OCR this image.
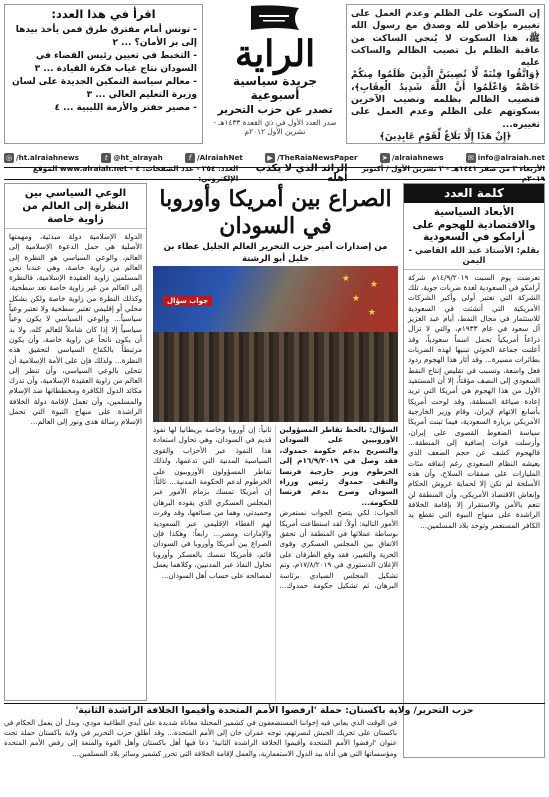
إن السكوت على الظلم وعدم العمل على تغييره بإخلاص لله وصدق مع رسول الله ﷺ، هذا السكوت لا يُنجي الساكت من عاقبة الظلم بل تصيب الظالم والساكت عليه
﴿وَاتَّقُوا فِتْنَةً لَّا تُصِيبَنَّ الَّذِينَ ظَلَمُوا مِنكُمْ خَاصَّةً وَاعْلَمُوا أَنَّ اللَّهَ شَدِيدُ الْعِقَابِ﴾، فتصيب الظالم بظلمه وتصيب الآخرين بسكوتهم على الظلم وعدم العمل على تغييره...
﴿إِنْ هَذَا إِلَّا بَلَاغٌ لِّقَوْمٍ عَابِدِينَ﴾
الراية
جريدة سياسية أسبوعية
تصدر عن حزب التحرير
صدر العدد الأول في ذي القعدة ١٤٣٣هـ - تشرين الأول ٢٠١٢م
اقرأ في هذا العدد:
- تونس أمام مفترق طرق فمن يأخذ بيدها إلى بر الأمان؟ ... ٢
- التخبط في تعيين رئيس القضاء في السودان نتاج غياب فكرة القيادة ... ٣
- معالم سياسة التمكين الجديدة على لسان وزيرة التعليم العالي ... ٣
- مصير حفتر والأزمة الليبية ... ٤
◎ /ht.alraiahnews	t @ht_alrayah	f /AlraiahNet	▶ /TheRaiaNewsPaper	➤ /alraiahnews	✉ info@alraiah.net
الأربعاء ٣ من صفر ١٤٤١هـ - ٢ تشرين الأول / أكتوبر ٢٠١٩م
الرائد الذي لا يكذب أهله
العدد: ٢٥٤ - عدد الصفحات: ٤ - www.alraiah.net الموقع الإلكتروني:
كلمة العدد
الأبعاد السياسية والاقتصادية للهجوم على أرامكو في السعودية
بقلم: الأستاذ عبد الله القاضي - اليمن
تعرضت يوم السبت ١٤/٩/٢٠١٩م شركة أرامكو في السعودية لعدة ضربات جوية، تلك الشركة التي تعتبر أولى وأكبر الشركات الأمريكية التي أنشئت في السعودية للاستثمار في مجال النفط، أيام عبد العزيز آل سعود في عام ١٩٣٣م، والتي لا تزال ذراعاً أمريكياً تحمل اسماً سعودياً، وقد أعلنت جماعة الحوثي تبنيها لهذه الضربات بطائرات مسيرة... وقد أثار هذا الهجوم ردود فعل واسعة، وتسبب في تقليص إنتاج النفط السعودي إلى النصف مؤقتاً، إلا أن المستفيد الأول من هذا الهجوم هي أمريكا التي تريد إعادة صياغة المنطقة، وقد لوحت أمريكا بأصابع الاتهام لإيران، وقام وزير الخارجية الأمريكي بزيارة السعودية، فيما تبنت أمريكا سياسة الضغوط القصوى على إيران، وأرسلت قوات إضافية إلى المنطقة... فالهجوم كشف عن حجم الضعف الذي يعيشه النظام السعودي رغم إنفاقه مئات المليارات على صفقات السلاح، وأن هذه الأسلحة لم تكن إلا لحماية عروش الحكام وإنعاش الاقتصاد الأمريكي، وأن المنطقة لن تنعم بالأمن والاستقرار إلا بإقامة الخلافة الراشدة على منهاج النبوة التي تقطع يد الكافر المستعمر وتوحد بلاد المسلمين...
الصراع بين أمريكا وأوروبا في السودان
★
★
★
★
جواب سؤال
من إصدارات أمير حزب التحرير العالم الجليل عطاء بن خليل أبو الرشتة

السؤال: بالحظ تقاطر المسؤولين الأوروبيين على السودان والتصريح بدعم حكومة حمدوك، فقد وصل في ١٦/٩/٢٠١٩م إلى الخرطوم وزير خارجية فرنسا والتقى حمدوك رئيس وزراء السودان وصرح بدعم فرنسا للحكومة...

الجواب: لكي يتضح الجواب نستعرض الأمور التالية: أولاً: لقد استطاعت أمريكا بوساطة عملائها في المنطقة أن تحقق الاتفاق بين المجلس العسكري وقوى الحرية والتغيير، فقد وقع الطرفان على الإعلان الدستوري في ١٧/٨/٢٠١٩م، وتم تشكيل المجلس السيادي برئاسة البرهان، ثم تشكيل حكومة حمدوك... ثانياً: إن أوروبا وخاصة بريطانيا لها نفوذ قديم في السودان، وهي تحاول استعادة هذا النفوذ عبر الأحزاب والقوى السياسية المدنية التي تدعمها، ولذلك تقاطر المسؤولون الأوروبيون على الخرطوم لدعم الحكومة المدنية... ثالثاً: إن أمريكا تمسك بزمام الأمور عبر المجلس العسكري الذي يقوده البرهان وحميدتي، وهما من صنائعها، وقد وفرت لهم الغطاء الإقليمي عبر السعودية والإمارات ومصر... رابعاً: وهكذا فإن الصراع بين أمريكا وأوروبا في السودان قائم، فأمريكا تمسك بالعسكر وأوروبا تحاول النفاذ عبر المدنيين، وكلاهما يعمل لمصالحه على حساب أهل السودان...

الوعي السياسي بين النظرة إلى العالم من زاوية خاصة
الدولة الإسلامية دولة مبدئية، ومهمتها الأصلية هي حمل الدعوة الإسلامية إلى العالم، والوعي السياسي هو النظرة إلى العالم من زاوية خاصة، وهي عندنا نحن المسلمين زاوية العقيدة الإسلامية، فالنظرة إلى العالم من غير زاوية خاصة تعد سطحية، وكذلك النظرة من زاوية خاصة ولكن بشكل محلي أو إقليمي تعتبر سطحية ولا تعتبر وعياً سياسياً... والوعي السياسي لا يكون وعياً سياسياً إلا إذا كان شاملاً للعالم كله، ولا بد أن يكون ناتجاً عن زاوية خاصة، وأن يكون مرتبطاً بالكفاح السياسي لتحقيق هذه النظرة... ولذلك فإن على الأمة الإسلامية أن تتحلى بالوعي السياسي، وأن تنظر إلى العالم من زاوية العقيدة الإسلامية، وأن تدرك مكائد الدول الكافرة ومخططاتها ضد الإسلام والمسلمين، وأن تعمل لإقامة دولة الخلافة الراشدة على منهاج النبوة التي تحمل الإسلام رسالة هدى ونور إلى العالم...
حزب التحرير/ ولاية باكستان: حملة 'ارفضوا الأمم المتحدة وأقيموا الخلافة الراشدة الثانية'
في الوقت الذي يعاني فيه إخواننا المستضعفون في كشمير المحتلة معاناة شديدة على أيدي الطاغية مودي، وبدل أن يعمل الحكام في باكستان على تحريك الجيش لنصرتهم، توجه عمران خان إلى الأمم المتحدة... وقد أطلق حزب التحرير في ولاية باكستان حملة تحت عنوان 'ارفضوا الأمم المتحدة وأقيموا الخلافة الراشدة الثانية' دعا فيها أهل باكستان وأهل القوة والمنعة إلى رفض الأمم المتحدة ومؤسساتها التي هي أداة بيد الدول الاستعمارية، والعمل لإقامة الخلافة التي تحرر كشمير وسائر بلاد المسلمين...
